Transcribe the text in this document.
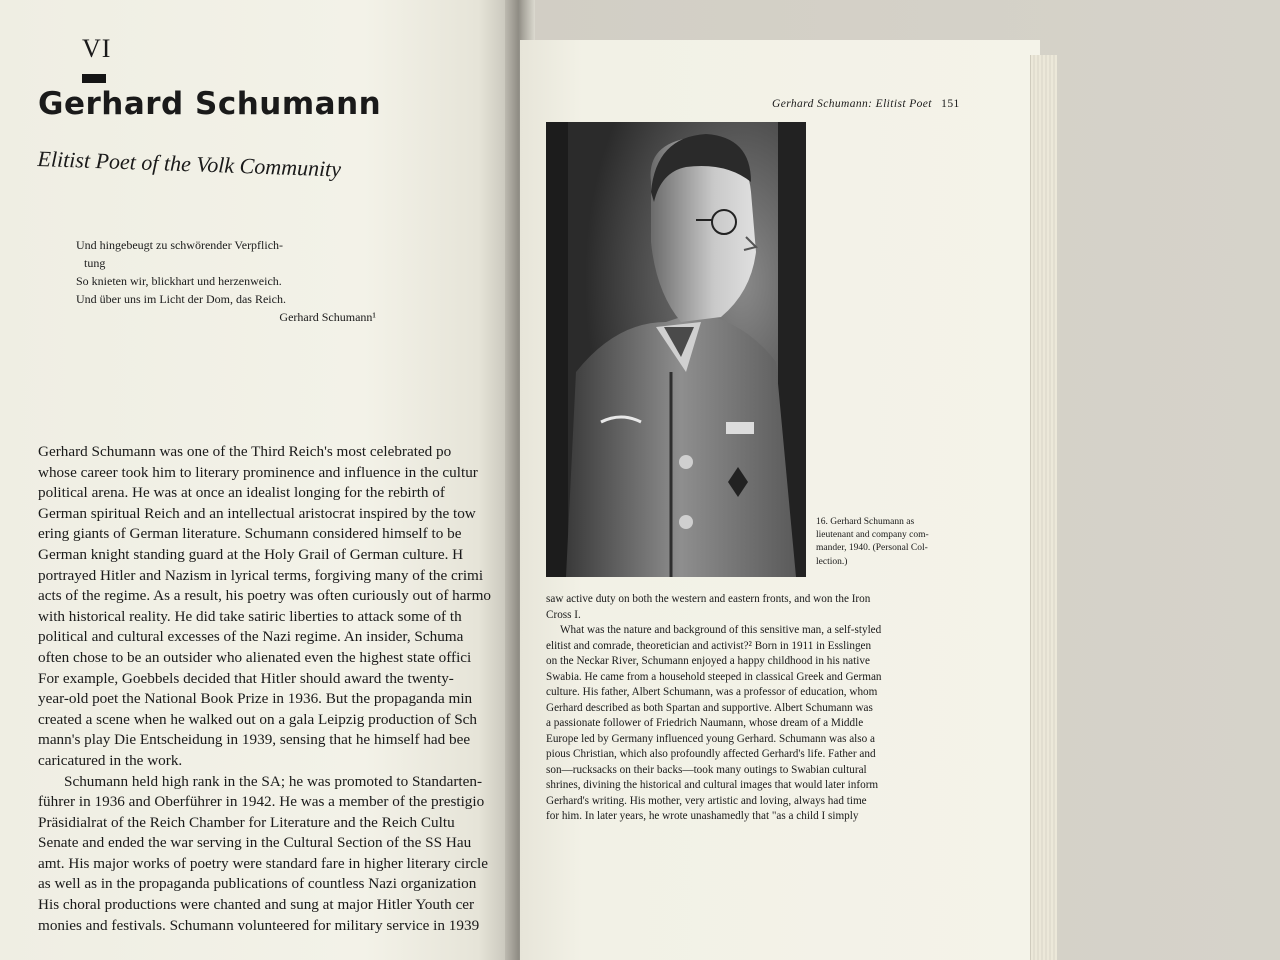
VI
Gerhard Schumann
Elitist Poet of the Volk Community
Und hingebeugt zu schwörender Verpflich-
tung
So knieten wir, blickhart und herzenweich.
Und über uns im Licht der Dom, das Reich.
Gerhard Schumann¹
Gerhard Schumann was one of the Third Reich's most celebrated po
whose career took him to literary prominence and influence in the cultur
political arena. He was at once an idealist longing for the rebirth of
German spiritual Reich and an intellectual aristocrat inspired by the tow
ering giants of German literature. Schumann considered himself to be
German knight standing guard at the Holy Grail of German culture. H
portrayed Hitler and Nazism in lyrical terms, forgiving many of the crimi
acts of the regime. As a result, his poetry was often curiously out of harmo
with historical reality. He did take satiric liberties to attack some of th
political and cultural excesses of the Nazi regime. An insider, Schuma
often chose to be an outsider who alienated even the highest state offici
For example, Goebbels decided that Hitler should award the twenty-
year-old poet the National Book Prize in 1936. But the propaganda min
created a scene when he walked out on a gala Leipzig production of Sch
mann's play Die Entscheidung in 1939, sensing that he himself had bee
caricatured in the work.
Schumann held high rank in the SA; he was promoted to Standarten-
führer in 1936 and Oberführer in 1942. He was a member of the prestigio
Präsidialrat of the Reich Chamber for Literature and the Reich Cultu
Senate and ended the war serving in the Cultural Section of the SS Hau
amt. His major works of poetry were standard fare in higher literary circle
as well as in the propaganda publications of countless Nazi organization
His choral productions were chanted and sung at major Hitler Youth cer
monies and festivals. Schumann volunteered for military service in 1939
Gerhard Schumann: Elitist Poet 151
16. Gerhard Schumann as
lieutenant and company com-
mander, 1940. (Personal Col-
lection.)
saw active duty on both the western and eastern fronts, and won the Iron
Cross I.
What was the nature and background of this sensitive man, a self-styled
elitist and comrade, theoretician and activist?² Born in 1911 in Esslingen
on the Neckar River, Schumann enjoyed a happy childhood in his native
Swabia. He came from a household steeped in classical Greek and German
culture. His father, Albert Schumann, was a professor of education, whom
Gerhard described as both Spartan and supportive. Albert Schumann was
a passionate follower of Friedrich Naumann, whose dream of a Middle
Europe led by Germany influenced young Gerhard. Schumann was also a
pious Christian, which also profoundly affected Gerhard's life. Father and
son—rucksacks on their backs—took many outings to Swabian cultural
shrines, divining the historical and cultural images that would later inform
Gerhard's writing. His mother, very artistic and loving, always had time
for him. In later years, he wrote unashamedly that "as a child I simply
